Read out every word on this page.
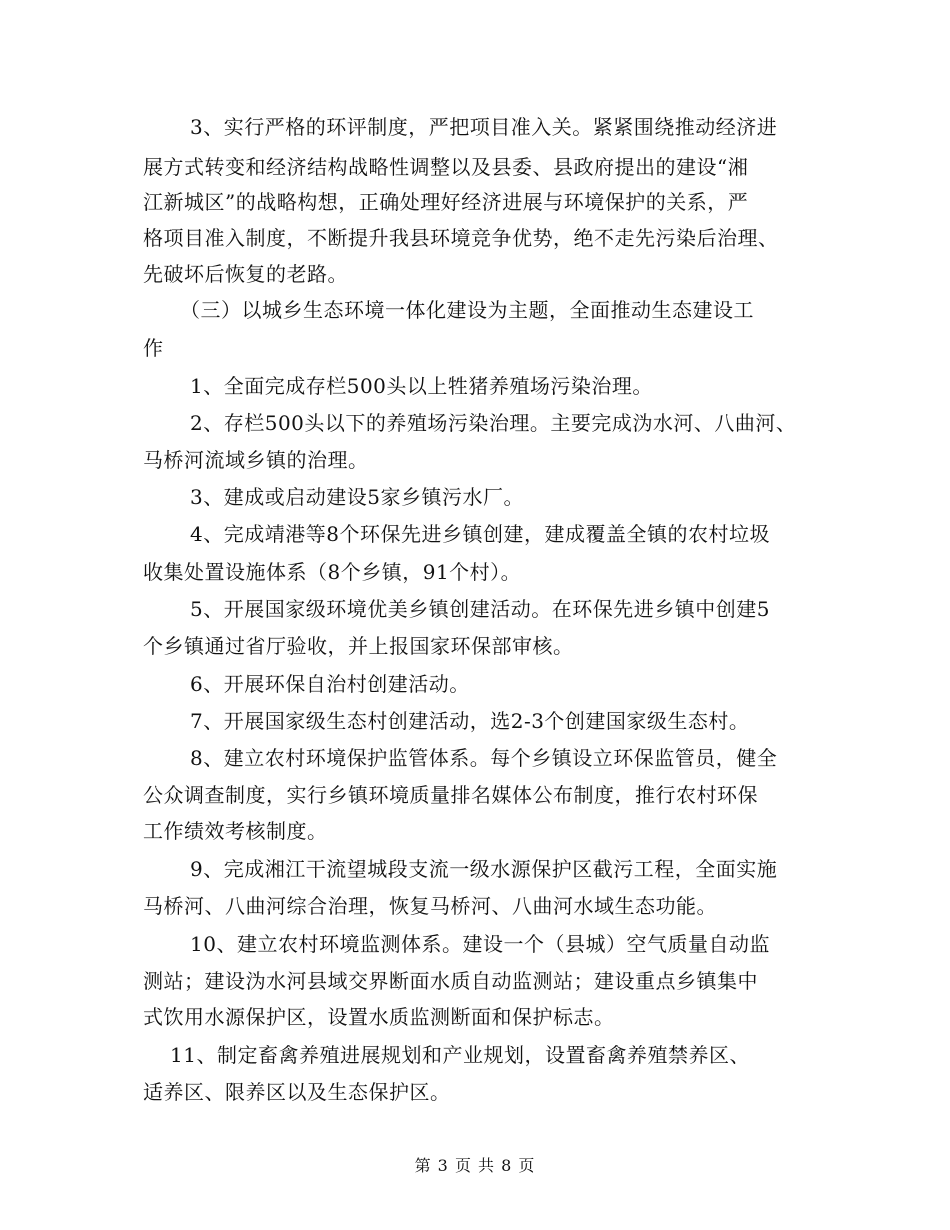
3、实行严格的环评制度，严把项目准入关。紧紧围绕推动经济进
展方式转变和经济结构战略性调整以及县委、县政府提出的建设“湘
江新城区”的战略构想，正确处理好经济进展与环境保护的关系，严
格项目准入制度，不断提升我县环境竞争优势，绝不走先污染后治理、
先破坏后恢复的老路。
（三）以城乡生态环境一体化建设为主题，全面推动生态建设工
作
1、全面完成存栏500头以上牲猪养殖场污染治理。
2、存栏500头以下的养殖场污染治理。主要完成沩水河、八曲河、
马桥河流域乡镇的治理。
3、建成或启动建设5家乡镇污水厂。
4、完成靖港等8个环保先进乡镇创建，建成覆盖全镇的农村垃圾
收集处置设施体系（8个乡镇，91个村）。
5、开展国家级环境优美乡镇创建活动。在环保先进乡镇中创建5
个乡镇通过省厅验收，并上报国家环保部审核。
6、开展环保自治村创建活动。
7、开展国家级生态村创建活动，选2-3个创建国家级生态村。
8、建立农村环境保护监管体系。每个乡镇设立环保监管员，健全
公众调查制度，实行乡镇环境质量排名媒体公布制度，推行农村环保
工作绩效考核制度。
9、完成湘江干流望城段支流一级水源保护区截污工程，全面实施
马桥河、八曲河综合治理，恢复马桥河、八曲河水域生态功能。
10、建立农村环境监测体系。建设一个（县城）空气质量自动监
测站；建设沩水河县域交界断面水质自动监测站；建设重点乡镇集中
式饮用水源保护区，设置水质监测断面和保护标志。
11、制定畜禽养殖进展规划和产业规划，设置畜禽养殖禁养区、
适养区、限养区以及生态保护区。
第 3 页 共 8 页
